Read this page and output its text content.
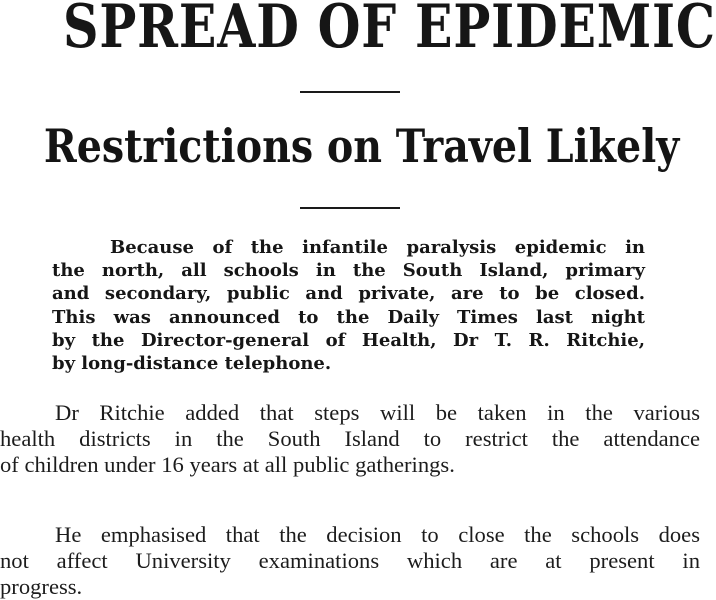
SPREAD OF EPIDEMIC
Restrictions on Travel Likely
Because of the infantile paralysis epidemic in
the north, all schools in the South Island, primary
and secondary, public and private, are to be closed.
This was announced to the Daily Times last night
by the Director-general of Health, Dr T. R. Ritchie,
by long-distance telephone.
Dr Ritchie added that steps will be taken in the various
health districts in the South Island to restrict the attendance
of children under 16 years at all public gatherings.
He emphasised that the decision to close the schools does
not affect University examinations which are at present in
progress.
